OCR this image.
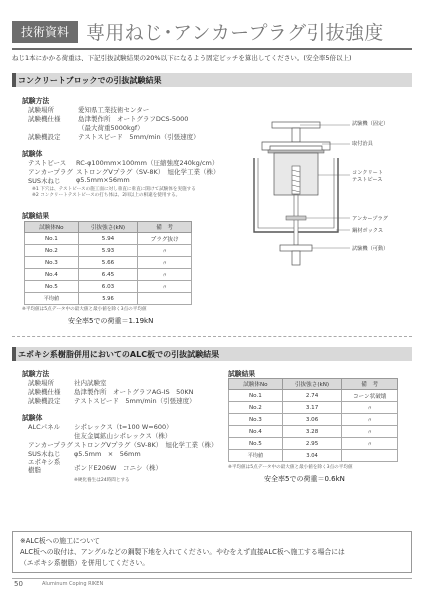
技術資料 専用ねじ･アンカープラグ引抜強度
ねじ1本にかかる荷重は、下記引抜試験結果の20%以下になるよう固定ピッチを算出してください。(安全率5倍以上)
コンクリートブロックでの引抜試験結果
試験方法
試験場所	愛知県工業技術センター
試験機仕様	島津製作所　オートグラフDCS-5000
（最大荷重5000kgf）
試験機設定	テストスピード　5mm/min（引張速度）
試験体
テストピース RC-φ100mm×100mm（圧縮強度240kg/cm）
アンカープラグ ストロングVプラグ（SV-8K）　旭化学工業（株）
SUS木ねじ φ5.5mm×56mm
※1 下穴は、テストピースの施工面に対し垂直に垂直に開けて試験体を実施する
※2 コンクリートテストピースの打ち体は、2回以上の相違を使用する。
試験結果
試験体No	引抜強さ(kN)	備　考
No.1	5.94	プラグ抜け
No.2	5.93	〃
No.3	5.66	〃
No.4	6.45	〃
No.5	6.03	〃
平均値	5.96	
※平均値は5点データ中の最大値と最小値を除く3点の平均値
安全率5での荷重＝1.19kN
試験機（固定）
取付治具
コンクリート
テストピース
アンカープラグ
鋼材ボックス
試験機（可動）
エポキシ系樹脂併用においてのALC板での引抜試験結果
試験方法
試験場所	社内試験室
試験機仕様 島津製作所　オートグラフAG-IS　50KN
試験機設定 テストスピード　5mm/min（引張速度）
試験体
ALCパネル シポレックス（t=100 W=600）
住友金属鉱山シポレックス（株）
アンカープラグ ストロングVプラグ（SV-8K）　旭化学工業（株）
SUS木ねじ φ5.5mm　×　56mm
エポキシ系
樹脂	ボンドE206W　コニシ（株）
※硬化養生は24時間とする
試験結果
試験体No	引抜強さ(kN)	備　考
No.1	2.74	コーン状破壊
No.2	3.17	〃
No.3	3.06	〃
No.4	3.28	〃
No.5	2.95	〃
平均値	3.04	
※平均値は5点データ中の最大値と最小値を除く3点の平均値
安全率5での荷重＝0.6kN
※ALC板への施工について
ALC板への取付は、アングルなどの鋼製下地を入れてください。やむをえず直接ALC板へ施工する場合には
（エポキシ系樹脂）を併用してください。
50	Aluminum Coping RIKEN
